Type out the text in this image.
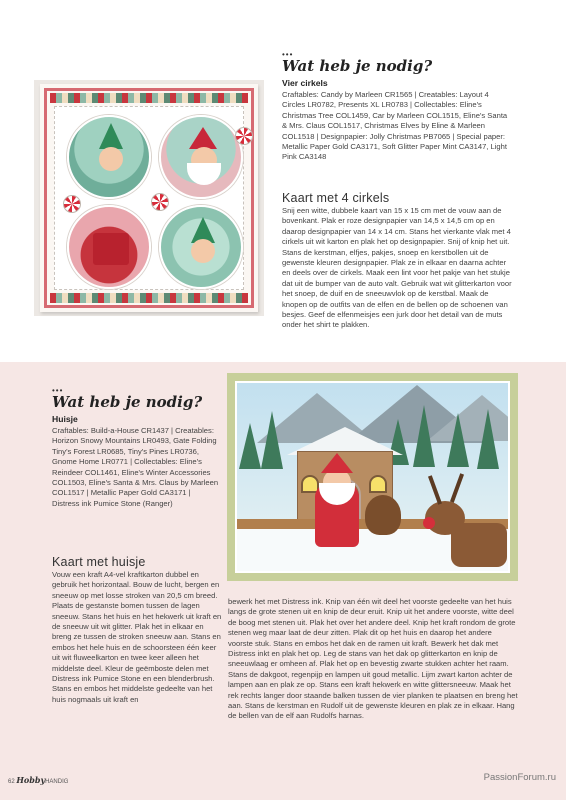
•••
Wat heb je nodig?
Vier cirkels
Craftables: Candy by Marleen CR1565 | Creatables: Layout 4 Circles LR0782, Presents XL LR0783 | Collectables: Eline's Christmas Tree COL1459, Car by Marleen COL1515, Eline's Santa & Mrs. Claus COL1517, Christmas Elves by Eline & Marleen COL1518 | Designpapier: Jolly Christmas PB7065 | Special paper: Metallic Paper Gold CA3171, Soft Glitter Paper Mint CA3147, Light Pink CA3148
Kaart met 4 cirkels
Snij een witte, dubbele kaart van 15 x 15 cm met de vouw aan de bovenkant. Plak er roze designpapier van 14,5 x 14,5 cm op en daarop designpapier van 14 x 14 cm. Stans het vierkante vlak met 4 cirkels uit wit karton en plak het op designpapier. Snij of knip het uit. Stans de kerstman, elfjes, pakjes, snoep en kerstbollen uit de gewenste kleuren designpapier. Plak ze in elkaar en daarna achter en deels over de cirkels. Maak een lint voor het pakje van het stukje dat uit de bumper van de auto valt. Gebruik wat wit glitterkarton voor het snoep, de duif en de sneeuwvlok op de kerstbal. Maak de knopen op de outfits van de elfen en de bellen op de schoenen van besjes. Geef de elfenmeisjes een jurk door het detail van de muts onder het shirt te plakken.
•••
Wat heb je nodig?
Huisje
Craftables: Build-a-House CR1437 | Creatables: Horizon Snowy Mountains LR0493, Gate Folding Tiny's Forest LR0685, Tiny's Pines LR0736, Gnome Home LR0771 | Collectables: Eline's Reindeer COL1461, Eline's Winter Accessories COL1503, Eline's Santa & Mrs. Claus by Marleen COL1517 | Metallic Paper Gold CA3171 | Distress ink Pumice Stone (Ranger)
Kaart met huisje
Vouw een kraft A4-vel kraftkarton dubbel en gebruik het horizontaal. Bouw de lucht, bergen en sneeuw op met losse stroken van 20,5 cm breed. Plaats de gestanste bomen tussen de lagen sneeuw. Stans het huis en het hekwerk uit kraft en de sneeuw uit wit glitter. Plak het in elkaar en breng ze tussen de stroken sneeuw aan. Stans en embos het hele huis en de schoorsteen één keer uit wit fluweelkarton en twee keer alleen het middelste deel. Kleur de geëmboste delen met Distress ink Pumice Stone en een blenderbrush. Stans en embos het middelste gedeelte van het huis nogmaals uit kraft en
bewerk het met Distress ink. Knip van één wit deel het voorste gedeelte van het huis langs de grote stenen uit en knip de deur eruit. Knip uit het andere voorste, witte deel de boog met stenen uit. Plak het over het andere deel. Knip het kraft rondom de grote stenen weg maar laat de deur zitten. Plak dit op het huis en daarop het andere voorste stuk. Stans en embos het dak en de ramen uit kraft. Bewerk het dak met Distress inkt en plak het op. Leg de stans van het dak op glitterkarton en knip de sneeuwlaag er omheen af. Plak het op en bevestig zwarte stukken achter het raam. Stans de dakgoot, regenpijp en lampen uit goud metallic. Lijm zwart karton achter de lampen aan en plak ze op. Stans een kraft hekwerk en witte glittersneeuw. Maak het rek rechts langer door staande balken tussen de vier planken te plaatsen en breng het aan. Stans de kerstman en Rudolf uit de gewenste kleuren en plak ze in elkaar. Hang de bellen van de elf aan Rudolfs harnas.
62 HobbyHANDIG	PassionForum.ru
